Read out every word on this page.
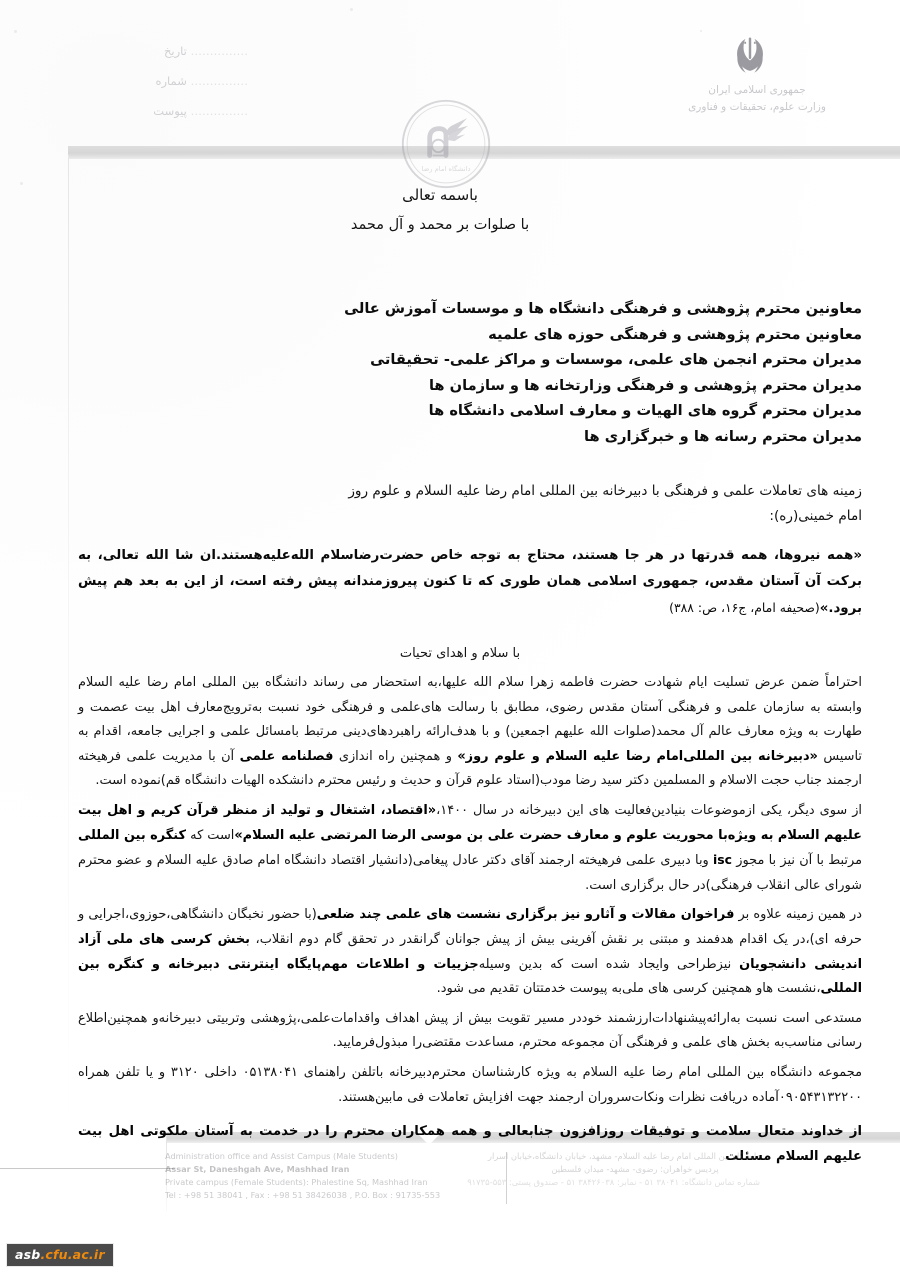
…………… تاریخ
…………… شماره
…………… پیوست
جمهوری اسلامی ایران
وزارت علوم، تحقیقات و فناوری
دانشگاه امام رضا
باسمه تعالی
با صلوات بر محمد و آل محمد
معاونین محترم پژوهشی و فرهنگی دانشگاه ها و موسسات آموزش عالی
معاونین محترم پژوهشی و فرهنگی حوزه های علمیه
مدیران محترم انجمن های علمی، موسسات و مراکز علمی- تحقیقاتی
مدیران محترم پژوهشی و فرهنگی وزارتخانه ها و سازمان ها
مدیران محترم گروه های الهیات و معارف اسلامی دانشگاه ها
مدیران محترم رسانه ها و خبرگزاری ها
زمینه های تعاملات علمی و فرهنگی با دبیرخانه بین المللی امام رضا علیه السلام و علوم روز
امام خمینی(ره):
«همه نیروها، همه قدرتها در هر جا هستند، محتاج به توجه خاص حضرت‌رضا‌سلام الله‌علیه‌هستند.ان شا الله تعالی، به برکت آن آستان مقدس، جمهوری اسلامی همان طوری که تا کنون پیروزمندانه پیش رفته است، از این به بعد هم پیش برود.»(صحیفه امام، ج۱۶، ص: ۳۸۸)
با سلام و اهدای تحیات

احتراماً ضمن عرض تسلیت ایام شهادت حضرت فاطمه زهرا سلام الله علیها،به استحضار می رساند دانشگاه بین المللی امام رضا علیه السلام وابسته به سازمان علمی و فرهنگی آستان مقدس رضوی، مطابق با رسالت های‌علمی و فرهنگی خود نسبت به‌ترویج‌معارف اهل بیت عصمت و طهارت به ویژه معارف عالم آل محمد(صلوات الله علیهم اجمعین) و با هدف‌ارائه راهبردهای‌دینی مرتبط بامسائل علمی و اجرایی جامعه، اقدام به تاسیس «دبیرخانه بین المللی‌امام رضا علیه السلام و علوم روز» و همچنین راه اندازی فصلنامه علمی آن با مدیریت علمی فرهیخته ارجمند جناب حجت الاسلام و المسلمین دکتر سید رضا مودب(استاد علوم قرآن و حدیث و رئیس محترم دانشکده الهیات دانشگاه قم)نموده است.

از سوی دیگر، یکی از‌موضوعات بنیادین‌فعالیت های این دبیرخانه در سال ۱۴۰۰،«اقتصاد، اشتغال و تولید از منظر قرآن کریم و اهل بیت علیهم السلام به ویژه‌با محوریت علوم و معارف حضرت علی بن موسی الرضا المرتضی علیه السلام»است که کنگره بین المللی مرتبط با آن نیز با مجوز isc و‌با دبیری علمی فرهیخته ارجمند آقای دکتر عادل پیغامی(دانشیار اقتصاد دانشگاه امام صادق علیه السلام و عضو محترم شورای عالی انقلاب فرهنگی)در حال برگزاری است.

در همین زمینه علاوه بر فراخوان مقالات و آثارو نیز برگزاری نشست های علمی چند ضلعی(با حضور نخبگان دانشگاهی،حوزوی،اجرایی و حرفه ای)،در یک اقدام هدفمند و مبتنی بر نقش آفرینی بیش از پیش جوانان گرانقدر در تحقق گام دوم انقلاب، بخش کرسی های ملی آزاد اندیشی دانشجویان نیز‌طراحی و‌ایجاد شده است که بدین وسیله‌جزییات و اطلاعات مهم‌پایگاه اینترنتی دبیرخانه و کنگره بین المللی،نشست ها‌و همچنین کرسی های ملی‌به پیوست خدمتتان تقدیم می شود.

مستدعی است نسبت به‌ارائه‌پیشنهادات‌ارزشمند خوددر مسیر تقویت بیش از پیش اهداف و‌اقدامات‌علمی،پژوهشی و‌تربیتی دبیرخانه‌و همچنین‌اطلاع رسانی مناسب‌به بخش های علمی و فرهنگی آن مجموعه محترم، مساعدت مقتضی‌را مبذول‌فرمایید.

مجموعه دانشگاه بین المللی امام رضا علیه السلام به ویژه کارشناسان محترم‌دبیرخانه با‌تلفن راهنمای ۰۵۱۳۸۰۴۱ داخلی ۳۱۲۰ و یا تلفن همراه ۰۹۰۵۴۳۱۳۲۲۰۰آماده دریافت نظرات و‌نکات‌سروران ارجمند جهت افزایش تعاملات فی مابین‌هستند.

از خداوند متعال سلامت و توفیقات روزافزون جنابعالی و همه همکاران محترم را در خدمت به آستان ملکوتی اهل بیت علیهم السلام مسئلت

دانشگاه بین المللی امام رضا علیه السلام- مشهد، خیابان دانشگاه،خیابان اسرار
پردیس خواهران: رضوی- مشهد- میدان فلسطین
شماره تماس دانشگاه: ۳۸۰۴۱ ۵۱ - نمابر: ۳۸۴۲۶۰۳۸ ۵۱ - صندوق پستی: ۵۵۳-۹۱۷۳۵
Administration office and Assist Campus (Male Students)
Assar St, Daneshgah Ave, Mashhad Iran
Private campus (Female Students): Phalestine Sq, Mashhad Iran
Tel : +98 51 38041 , Fax : +98 51 38426038 , P.O. Box : 91735-553
asb.cfu.ac.ir
